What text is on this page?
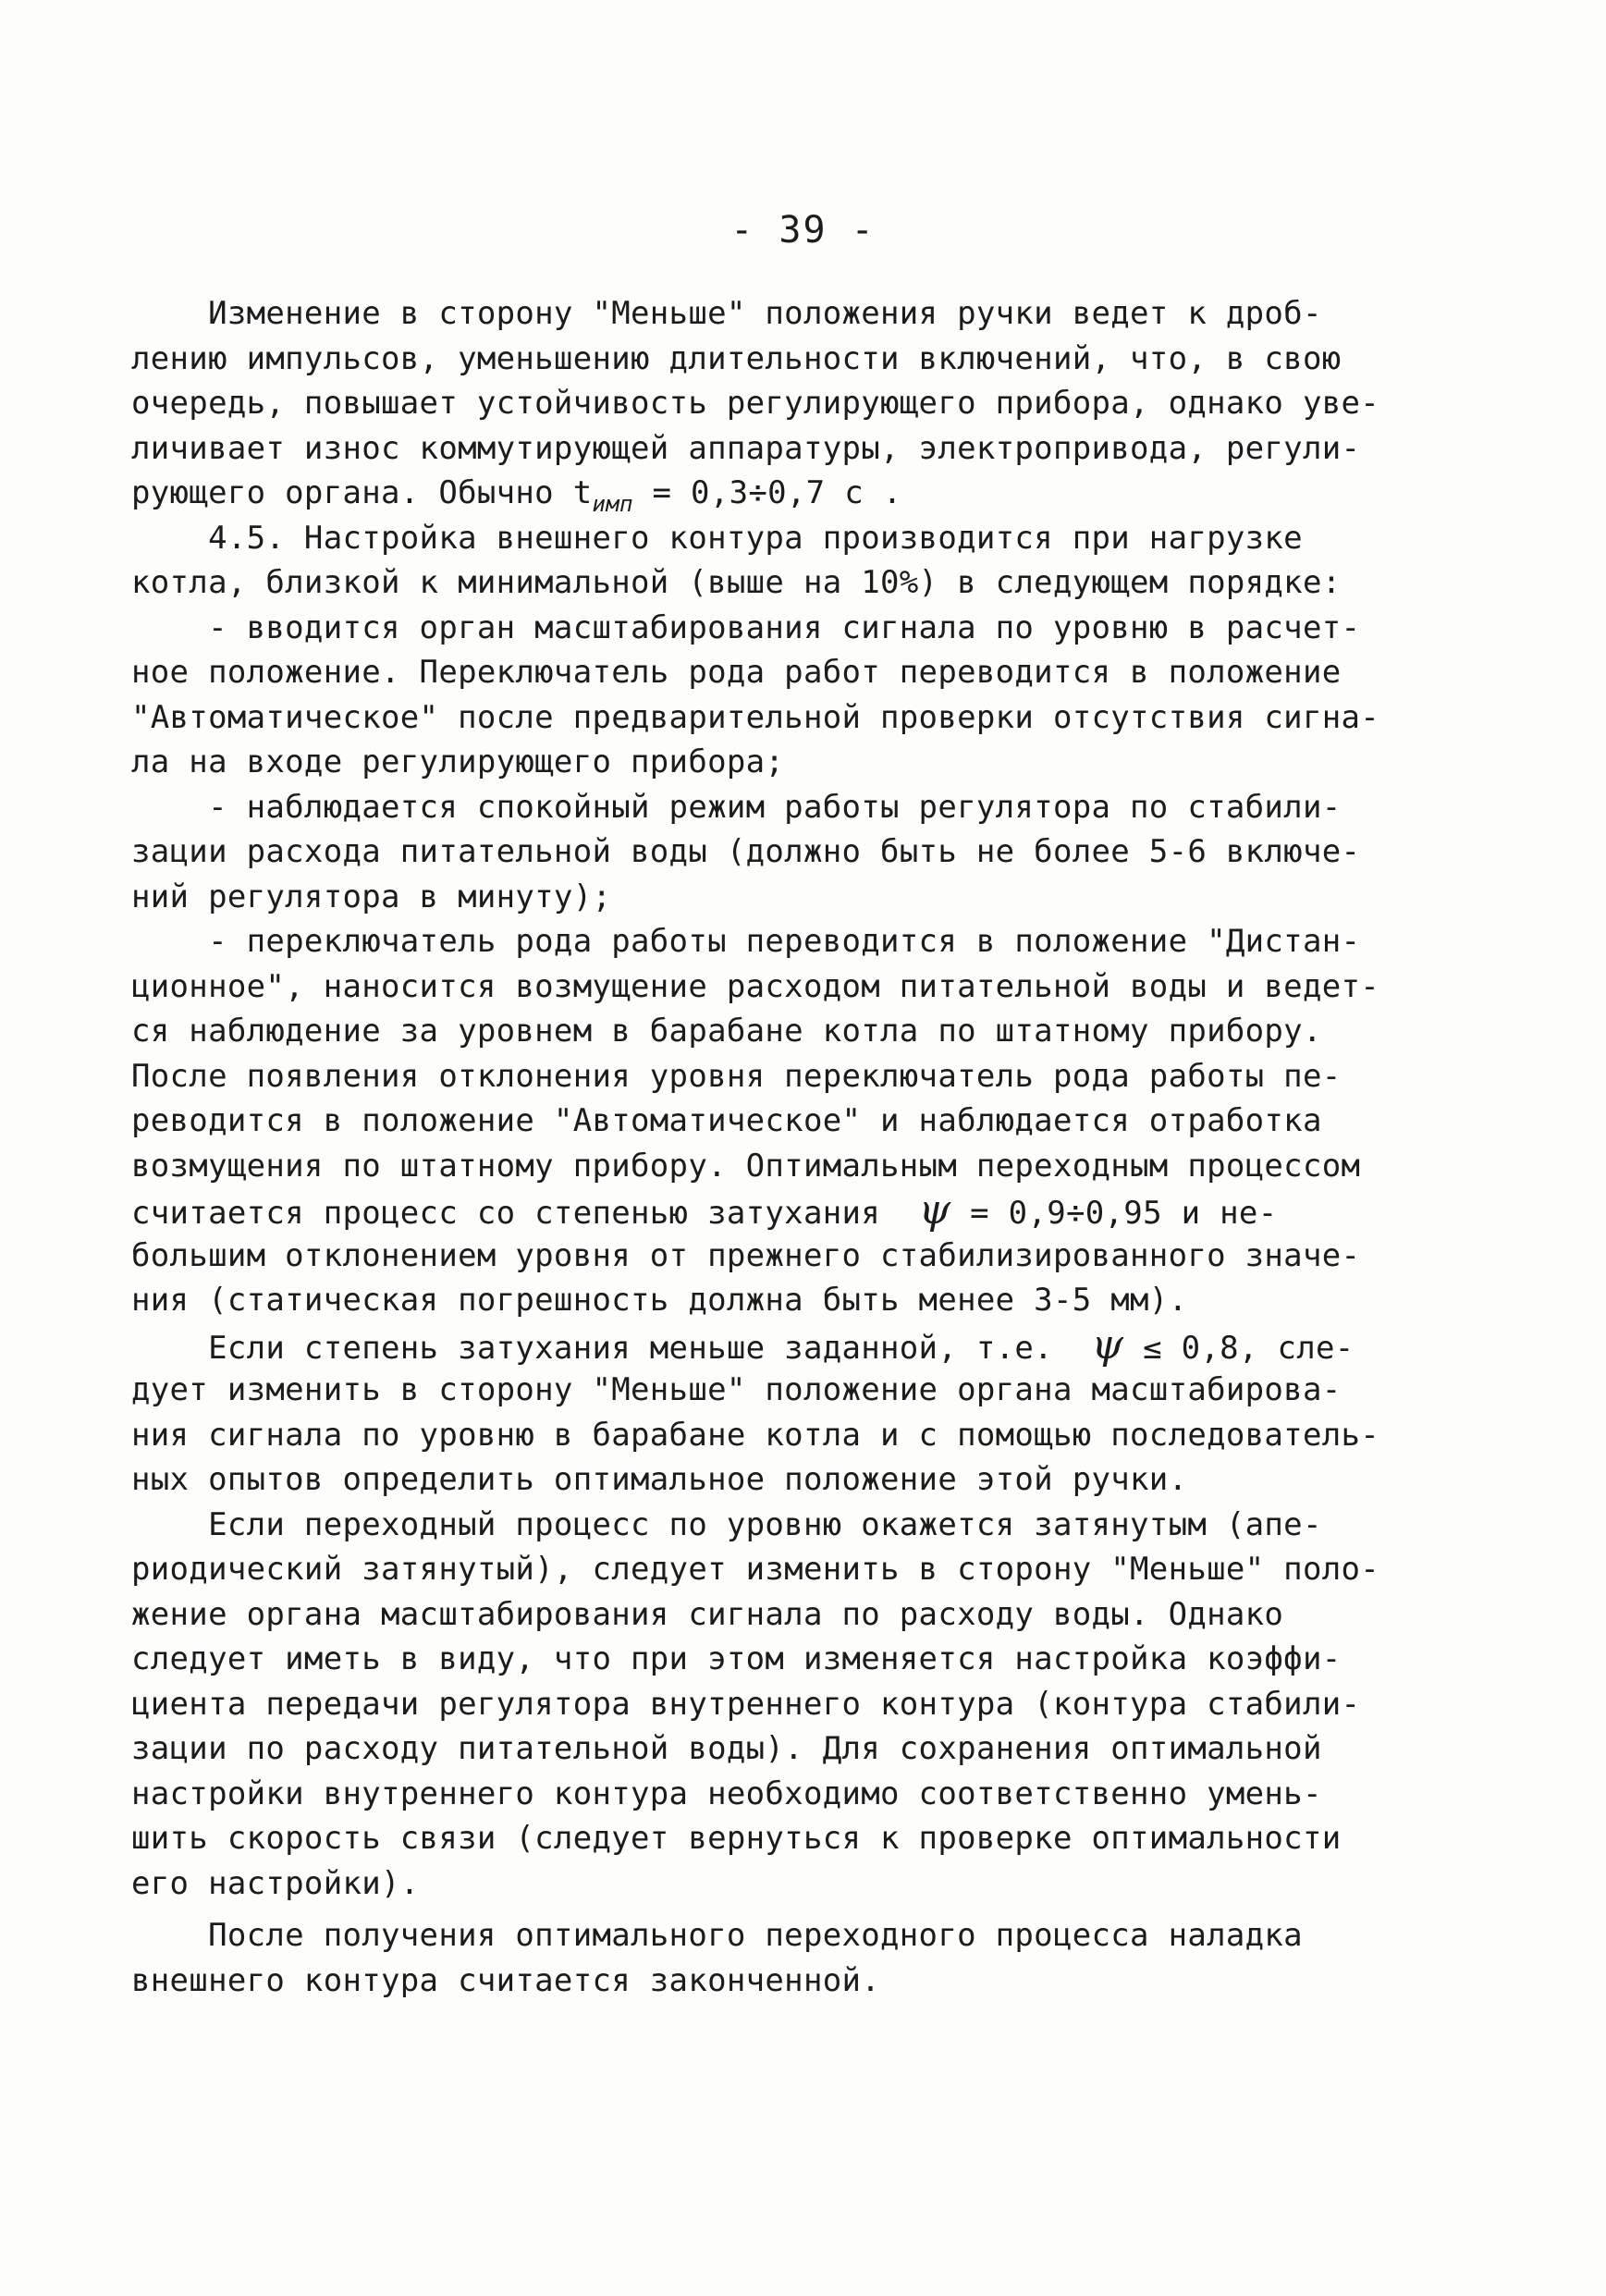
- 39 -
Изменение в сторону "Меньше" положения ручки ведет к дроб-
лению импульсов, уменьшению длительности включений, что, в свою
очередь, повышает устойчивость регулирующего прибора, однако уве-
личивает износ коммутирующей аппаратуры, электропривода, регули-
рующего органа. Обычно $t_{имп} = 0,3\div 0,7$ с .
4.5. Настройка внешнего контура производится при нагрузке
котла, близкой к минимальной (выше на 10%) в следующем порядке:
- вводится орган масштабирования сигнала по уровню в расчет-
ное положение. Переключатель рода работ переводится в положение
"Автоматическое" после предварительной проверки отсутствия сигна-
ла на входе регулирующего прибора;
- наблюдается спокойный режим работы регулятора по стабили-
зации расхода питательной воды (должно быть не более 5-6 включе-
ний регулятора в минуту);
- переключатель рода работы переводится в положение "Дистан-
ционное", наносится возмущение расходом питательной воды и ведет-
ся наблюдение за уровнем в барабане котла по штатному прибору.
После появления отклонения уровня переключатель рода работы пе-
реводится в положение "Автоматическое" и наблюдается отработка
возмущения по штатному прибору. Оптимальным переходным процессом
считается процесс со степенью затухания  ψ = 0,9÷0,95 и не-
большим отклонением уровня от прежнего стабилизированного значе-
ния (статическая погрешность должна быть менее 3-5 мм).
Если степень затухания меньше заданной, т.е.  ψ ≤ 0,8, сле-
дует изменить в сторону "Меньше" положение органа масштабирова-
ния сигнала по уровню в барабане котла и с помощью последователь-
ных опытов определить оптимальное положение этой ручки.
Если переходный процесс по уровню окажется затянутым (апе-
риодический затянутый), следует изменить в сторону "Меньше" поло-
жение органа масштабирования сигнала по расходу воды. Однако
следует иметь в виду, что при этом изменяется настройка коэффи-
циента передачи регулятора внутреннего контура (контура стабили-
зации по расходу питательной воды). Для сохранения оптимальной
настройки внутреннего контура необходимо соответственно умень-
шить скорость связи (следует вернуться к проверке оптимальности
его настройки).
После получения оптимального переходного процесса наладка
внешнего контура считается законченной.
